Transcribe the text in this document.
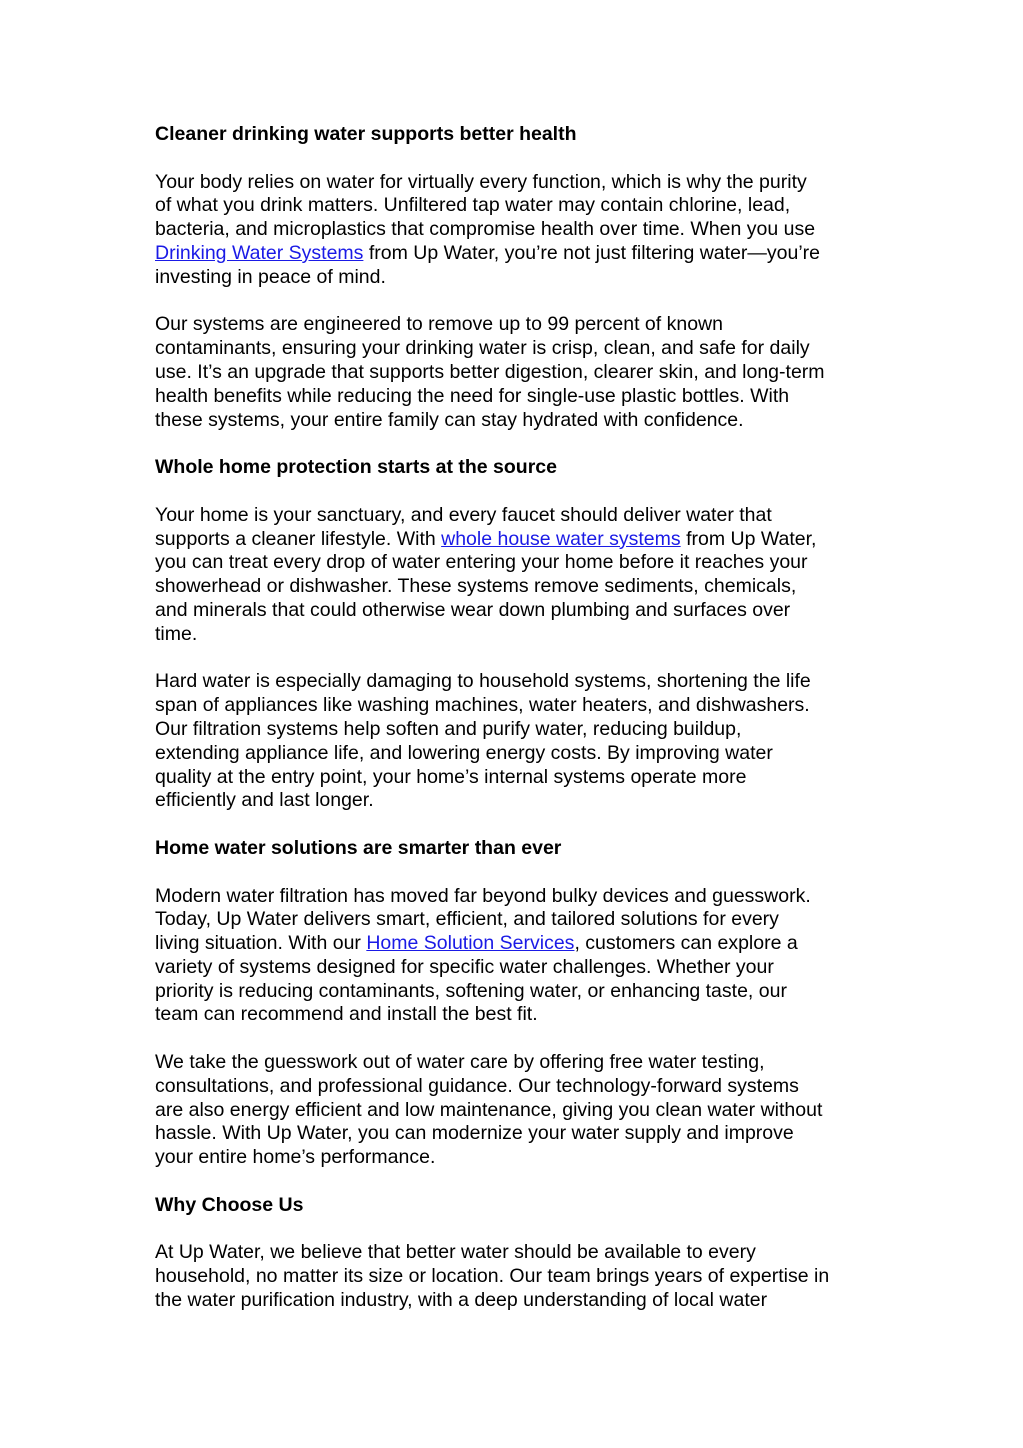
Cleaner drinking water supports better health

Your body relies on water for virtually every function, which is why the purity
of what you drink matters. Unfiltered tap water may contain chlorine, lead,
bacteria, and microplastics that compromise health over time. When you use
Drinking Water Systems from Up Water, you’re not just filtering water—you’re
investing in peace of mind.

Our systems are engineered to remove up to 99 percent of known
contaminants, ensuring your drinking water is crisp, clean, and safe for daily
use. It’s an upgrade that supports better digestion, clearer skin, and long-term
health benefits while reducing the need for single-use plastic bottles. With
these systems, your entire family can stay hydrated with confidence.

Whole home protection starts at the source

Your home is your sanctuary, and every faucet should deliver water that
supports a cleaner lifestyle. With whole house water systems from Up Water,
you can treat every drop of water entering your home before it reaches your
showerhead or dishwasher. These systems remove sediments, chemicals,
and minerals that could otherwise wear down plumbing and surfaces over
time.

Hard water is especially damaging to household systems, shortening the life
span of appliances like washing machines, water heaters, and dishwashers.
Our filtration systems help soften and purify water, reducing buildup,
extending appliance life, and lowering energy costs. By improving water
quality at the entry point, your home’s internal systems operate more
efficiently and last longer.

Home water solutions are smarter than ever

Modern water filtration has moved far beyond bulky devices and guesswork.
Today, Up Water delivers smart, efficient, and tailored solutions for every
living situation. With our Home Solution Services, customers can explore a
variety of systems designed for specific water challenges. Whether your
priority is reducing contaminants, softening water, or enhancing taste, our
team can recommend and install the best fit.

We take the guesswork out of water care by offering free water testing,
consultations, and professional guidance. Our technology-forward systems
are also energy efficient and low maintenance, giving you clean water without
hassle. With Up Water, you can modernize your water supply and improve
your entire home’s performance.

Why Choose Us

At Up Water, we believe that better water should be available to every
household, no matter its size or location. Our team brings years of expertise in
the water purification industry, with a deep understanding of local water
